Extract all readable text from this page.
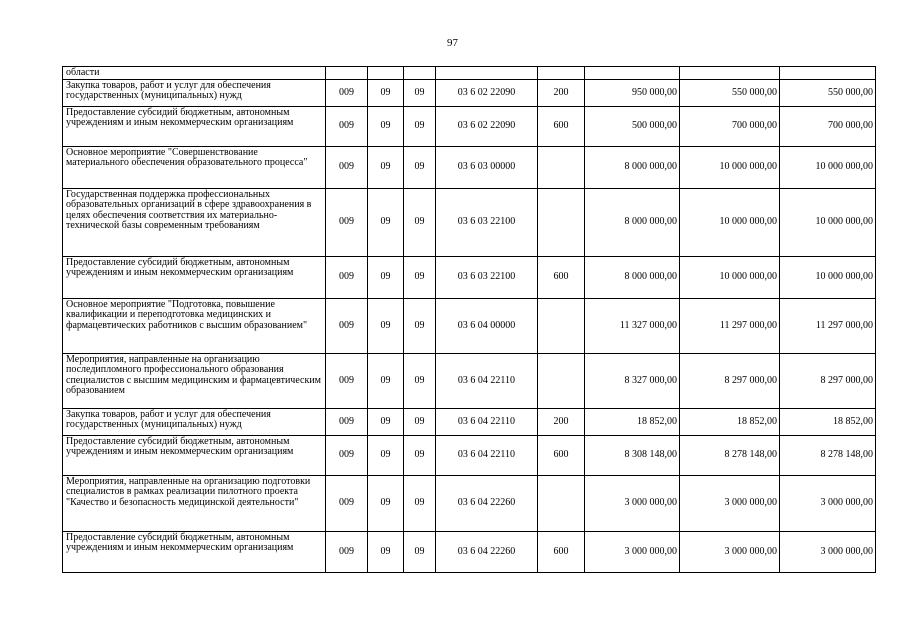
97
области								
Закупка товаров, работ и услуг для обеспечения государственных (муниципальных) нужд	009	09	09	03 6 02 22090	200	950 000,00	550 000,00	550 000,00
Предоставление субсидий бюджетным, автономным учреждениям и иным некоммерческим организациям	009	09	09	03 6 02 22090	600	500 000,00	700 000,00	700 000,00
Основное мероприятие "Совершенствование материального обеспечения образовательного процесса"	009	09	09	03 6 03 00000		8 000 000,00	10 000 000,00	10 000 000,00
Государственная поддержка профессиональных образовательных организаций в сфере здравоохранения в целях обеспечения соответствия их материально-технической базы современным требованиям	009	09	09	03 6 03 22100		8 000 000,00	10 000 000,00	10 000 000,00
Предоставление субсидий бюджетным, автономным учреждениям и иным некоммерческим организациям	009	09	09	03 6 03 22100	600	8 000 000,00	10 000 000,00	10 000 000,00
Основное мероприятие "Подготовка, повышение квалификации и переподготовка медицинских и фармацевтических работников с высшим образованием"	009	09	09	03 6 04 00000		11 327 000,00	11 297 000,00	11 297 000,00
Мероприятия, направленные на организацию последипломного профессионального образования специалистов с высшим медицинским и фармацевтическим образованием	009	09	09	03 6 04 22110		8 327 000,00	8 297 000,00	8 297 000,00
Закупка товаров, работ и услуг для обеспечения государственных (муниципальных) нужд	009	09	09	03 6 04 22110	200	18 852,00	18 852,00	18 852,00
Предоставление субсидий бюджетным, автономным учреждениям и иным некоммерческим организациям	009	09	09	03 6 04 22110	600	8 308 148,00	8 278 148,00	8 278 148,00
Мероприятия, направленные на организацию подготовки специалистов в рамках реализации пилотного проекта "Качество и безопасность медицинской деятельности"	009	09	09	03 6 04 22260		3 000 000,00	3 000 000,00	3 000 000,00
Предоставление субсидий бюджетным, автономным учреждениям и иным некоммерческим организациям	009	09	09	03 6 04 22260	600	3 000 000,00	3 000 000,00	3 000 000,00
